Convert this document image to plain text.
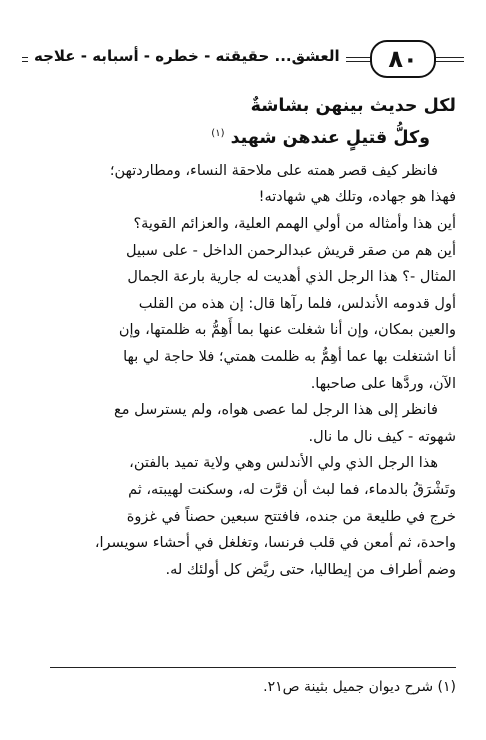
٨٠
العشق... حقيقته - خطره - أسبابه - علاجه
لكل حديث بينهن بشاشةٌ
وكلُّ قتيلٍ عندهن شهيد $^{(١)}$
فانظر كيف قصر همته على ملاحقة النساء، ومطاردتهن؛
فهذا هو جهاده، وتلك هي شهادته!
أين هذا وأمثاله من أولي الهمم العلية، والعزائم القوية؟
أين هم من صقر قريش عبدالرحمن الداخل - على سبيل
المثال -؟ هذا الرجل الذي أهديت له جارية بارعة الجمال
أول قدومه الأندلس، فلما رآها قال: إن هذه من القلب
والعين بمكان، وإن أنا شغلت عنها بما أَهِمُّ به ظلمتها، وإن
أنا اشتغلت بها عما أهِمُّ به ظلمت همتي؛ فلا حاجة لي بها
الآن، وردَّها على صاحبها.
فانظر إلى هذا الرجل لما عصى هواه، ولم يسترسل مع
شهوته - كيف نال ما نال.
هذا الرجل الذي ولي الأندلس وهي ولاية تميد بالفتن،
وتَشْرَقُ بالدماء، فما لبث أن قرَّت له، وسكنت لهيبته، ثم
خرج في طليعة من جنده، فافتتح سبعين حصناً في غزوة
واحدة، ثم أمعن في قلب فرنسا، وتغلغل في أحشاء سويسرا،
وضم أطراف من إيطاليا، حتى ريَّض كل أولئك له.
(١) شرح ديوان جميل بثينة ص٢١.
